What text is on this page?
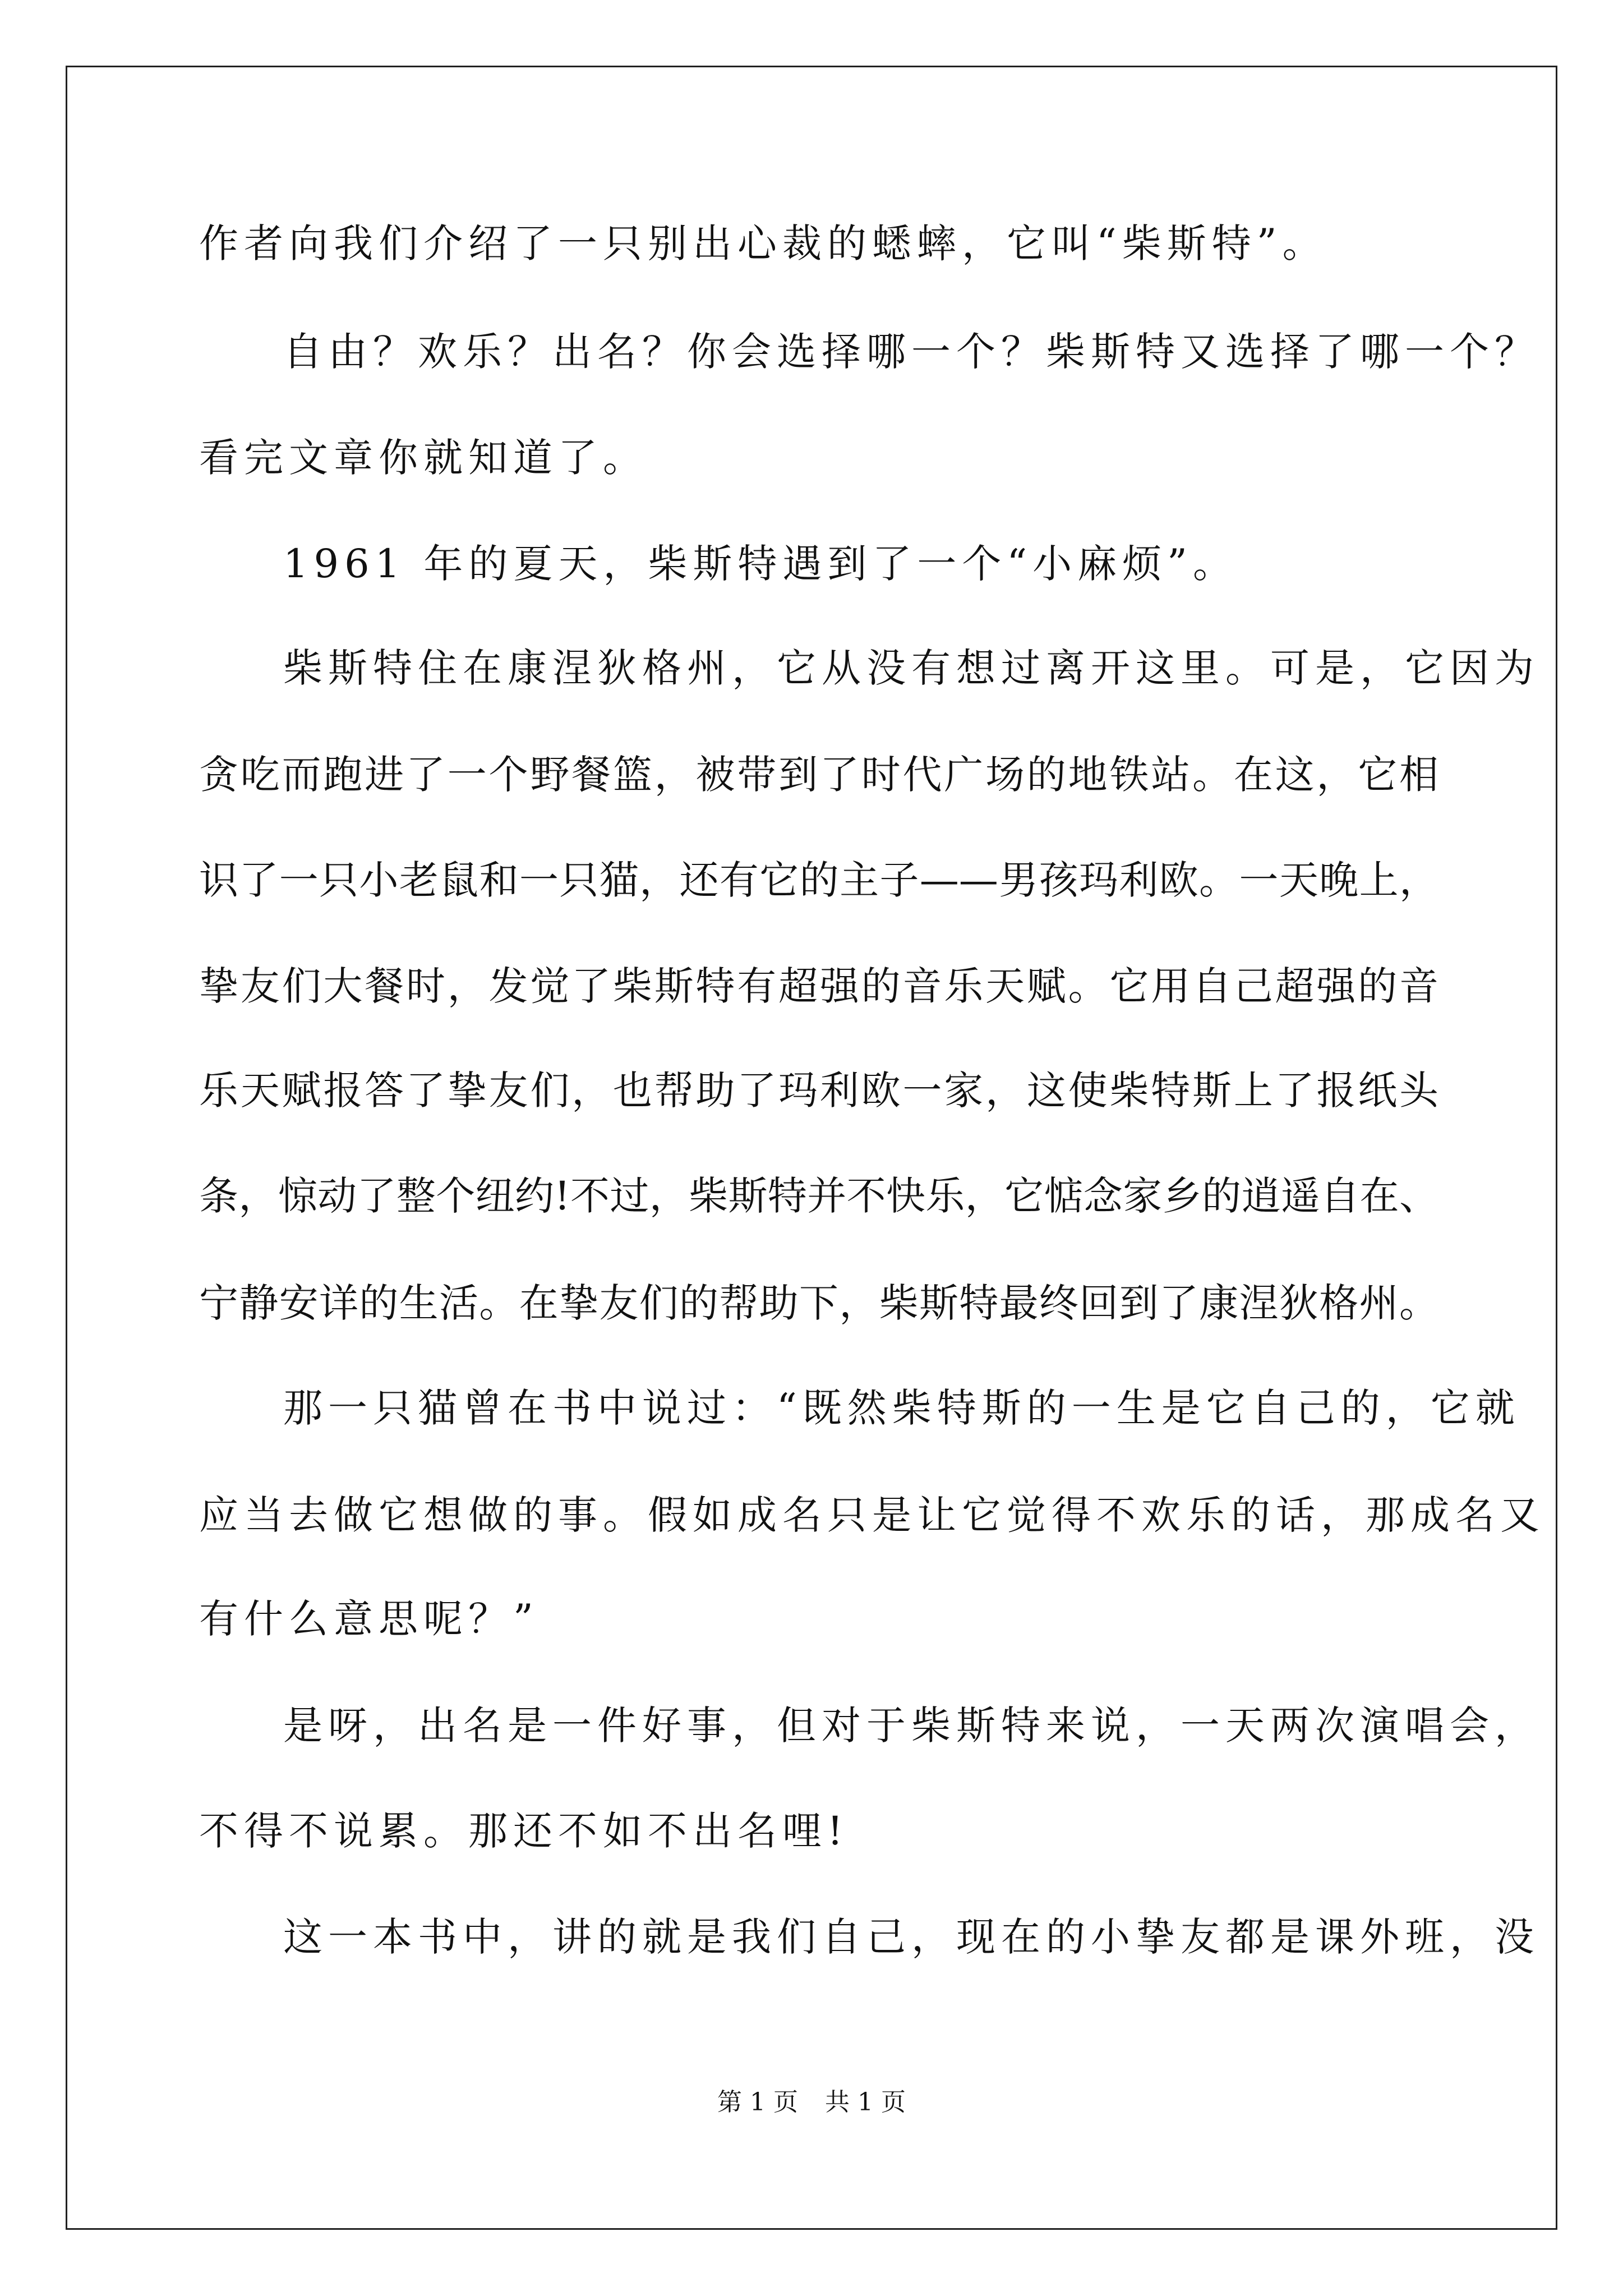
作者向我们介绍了一只别出心裁的蟋蟀，它叫“柴斯特”。
自由？欢乐？出名？你会选择哪一个？柴斯特又选择了哪一个？
看完文章你就知道了。
1961 年的夏天，柴斯特遇到了一个“小麻烦”。
柴斯特住在康涅狄格州，它从没有想过离开这里。可是，它因为
贪吃而跑进了一个野餐篮，被带到了时代广场的地铁站。在这，它相
识了一只小老鼠和一只猫，还有它的主子——男孩玛利欧。一天晚上，
挚友们大餐时，发觉了柴斯特有超强的音乐天赋。它用自己超强的音
乐天赋报答了挚友们，也帮助了玛利欧一家，这使柴特斯上了报纸头
条，惊动了整个纽约!不过，柴斯特并不快乐，它惦念家乡的逍遥自在、
宁静安详的生活。在挚友们的帮助下，柴斯特最终回到了康涅狄格州。
那一只猫曾在书中说过：“既然柴特斯的一生是它自己的，它就
应当去做它想做的事。假如成名只是让它觉得不欢乐的话，那成名又
有什么意思呢？”
是呀，出名是一件好事，但对于柴斯特来说，一天两次演唱会，
不得不说累。那还不如不出名哩!
这一本书中，讲的就是我们自己，现在的小挚友都是课外班，没
第 1 页 共 1 页
